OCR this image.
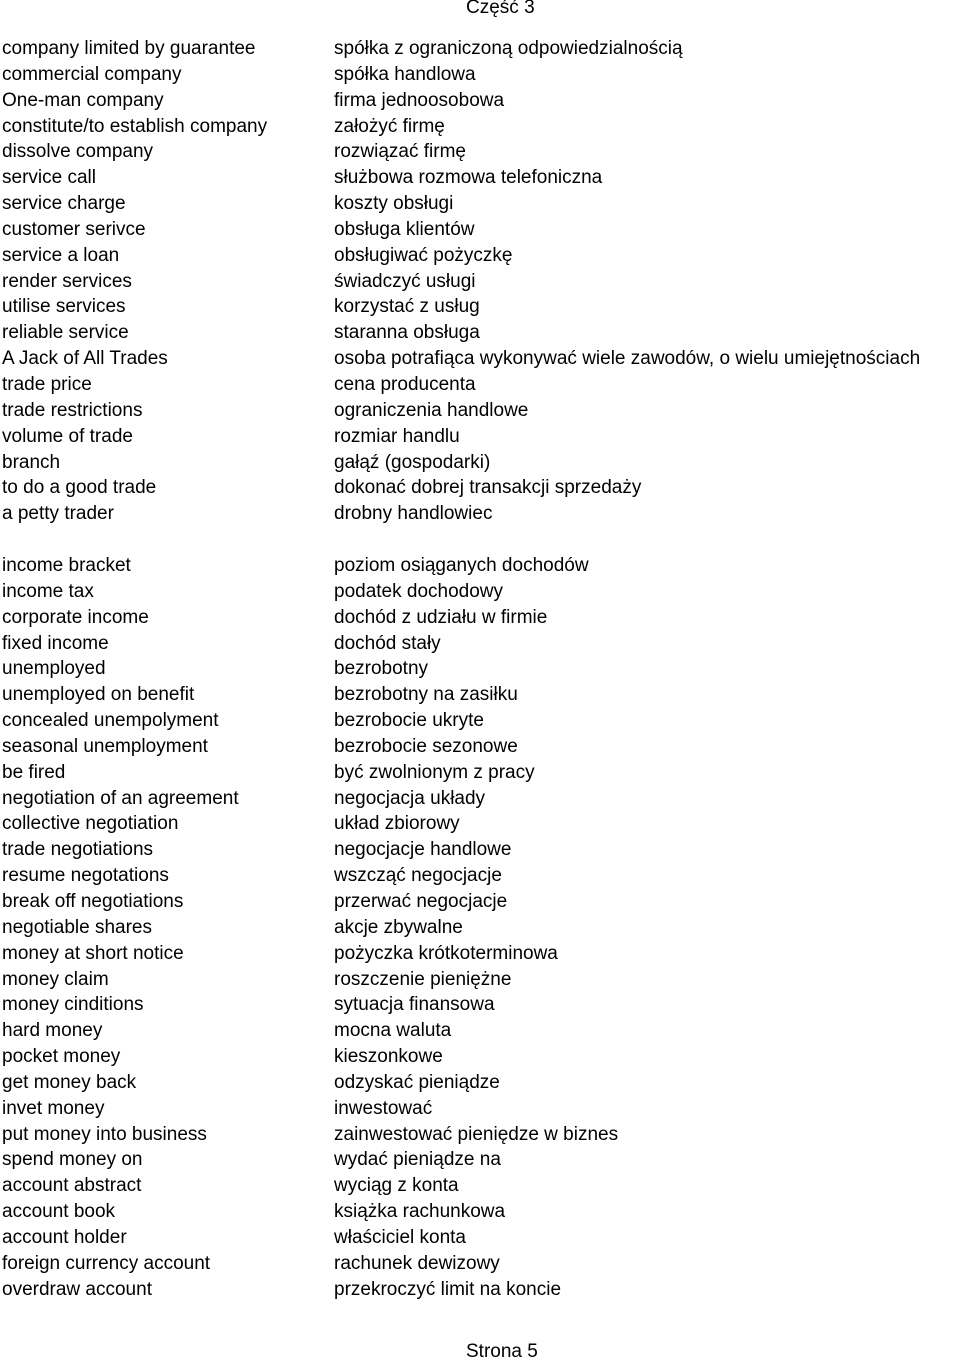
Część 3
company limited by guarantee	spółka z ograniczoną odpowiedzialnością
commercial company	spółka handlowa
One-man company	firma jednoosobowa
constitute/to establish company	założyć firmę
dissolve company	rozwiązać firmę
service call	służbowa rozmowa telefoniczna
service charge	koszty obsługi
customer serivce	obsługa klientów
service a loan	obsługiwać pożyczkę
render services	świadczyć usługi
utilise services	korzystać z usług
reliable service	staranna obsługa
A Jack of All Trades	osoba potrafiąca wykonywać wiele zawodów, o wielu umiejętnościach
trade price	cena producenta
trade restrictions	ograniczenia handlowe
volume of trade	rozmiar handlu
branch	gałąź (gospodarki)
to do a good trade	dokonać dobrej transakcji sprzedaży
a petty trader	drobny handlowiec
income bracket	poziom osiąganych dochodów
income tax	podatek dochodowy
corporate income	dochód z udziału w firmie
fixed income	dochód stały
unemployed	bezrobotny
unemployed on benefit	bezrobotny na zasiłku
concealed unempolyment	bezrobocie ukryte
seasonal unemployment	bezrobocie sezonowe
be fired	być zwolnionym z pracy
negotiation of an agreement	negocjacja układy
collective negotiation	układ zbiorowy
trade negotiations	negocjacje handlowe
resume negotations	wszcząć negocjacje
break off negotiations	przerwać negocjacje
negotiable shares	akcje zbywalne
money at short notice	pożyczka krótkoterminowa
money claim	roszczenie pieniężne
money cinditions	sytuacja finansowa
hard money	mocna waluta
pocket money	kieszonkowe
get money back	odzyskać pieniądze
invet money	inwestować
put money into business	zainwestować pieniędze w biznes
spend money on	wydać pieniądze na
account abstract	wyciąg z konta
account book	książka rachunkowa
account holder	właściciel konta
foreign currency account	rachunek dewizowy
overdraw account	przekroczyć limit na koncie
Strona 5
